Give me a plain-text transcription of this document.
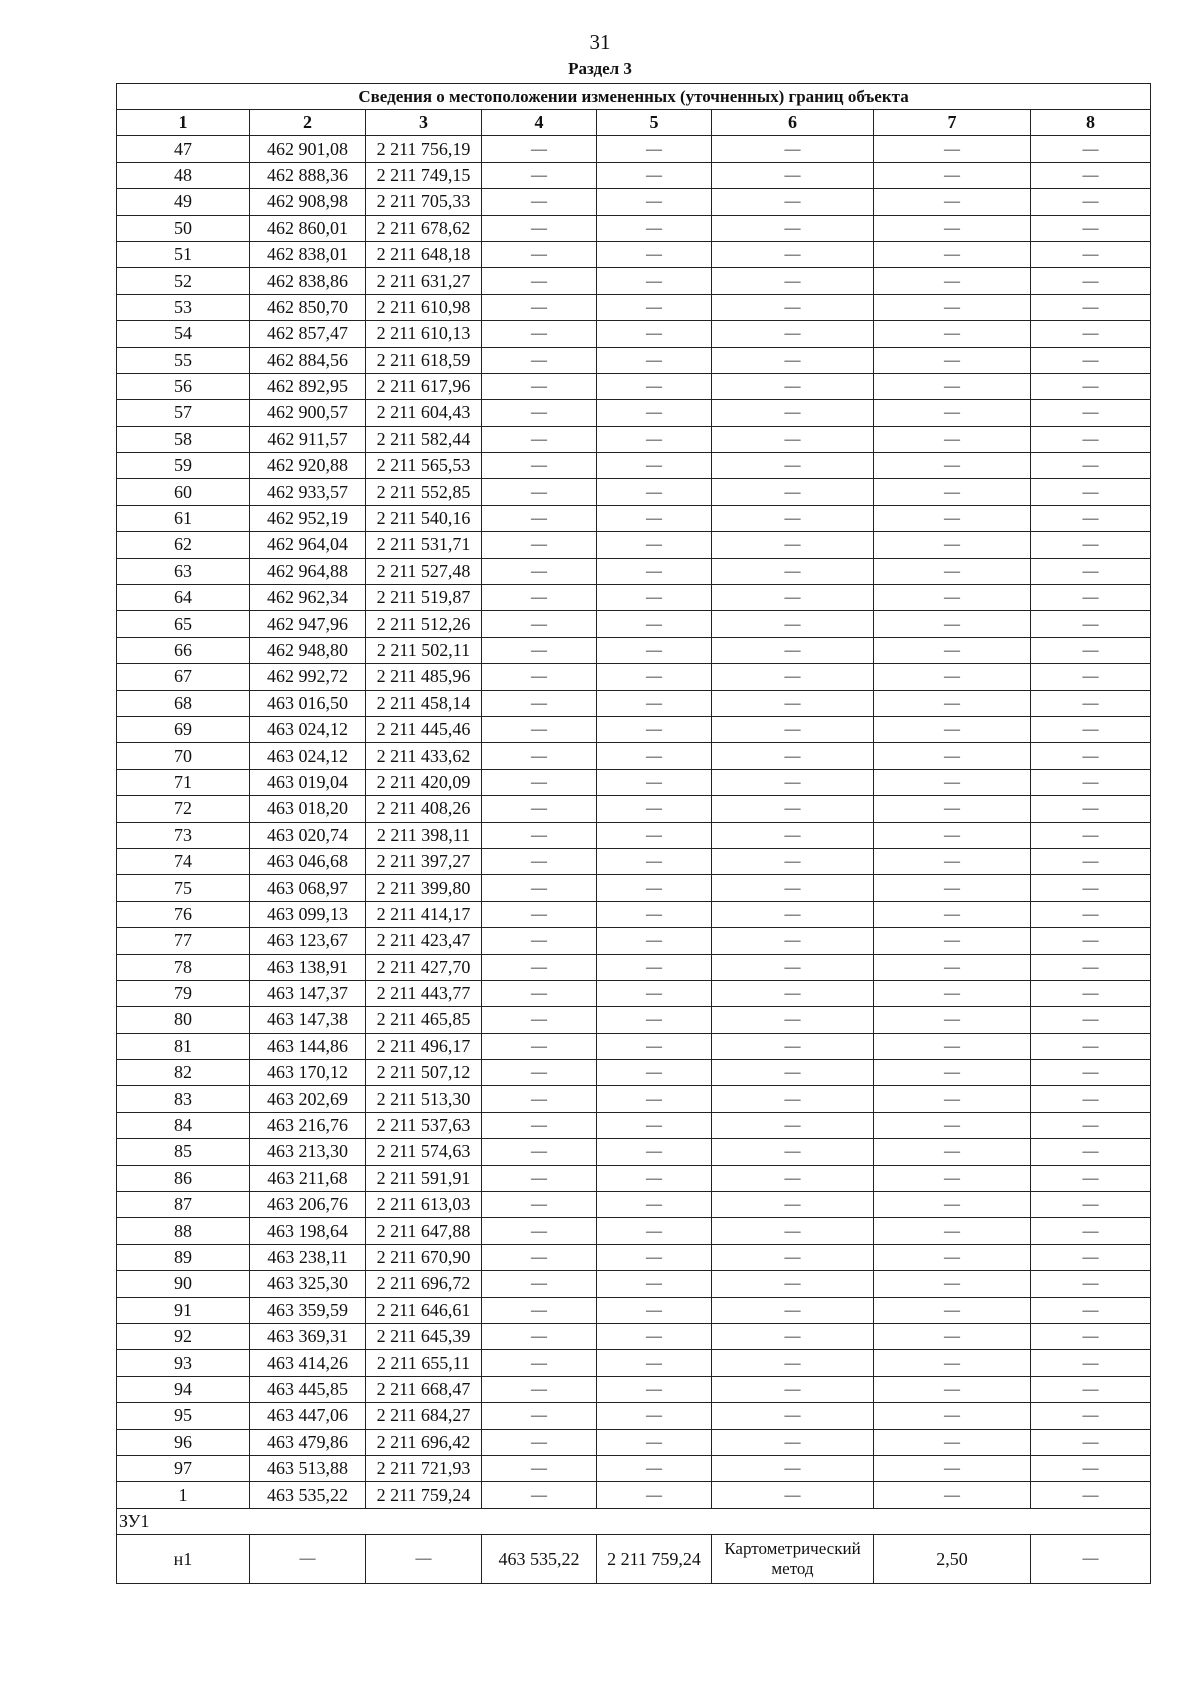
31
Раздел 3
Сведения о местоположении измененных (уточненных) границ объекта							
1	2	3	4	5	6	7	8
47	462 901,08	2 211 756,19	—	—	—	—	—
48	462 888,36	2 211 749,15	—	—	—	—	—
49	462 908,98	2 211 705,33	—	—	—	—	—
50	462 860,01	2 211 678,62	—	—	—	—	—
51	462 838,01	2 211 648,18	—	—	—	—	—
52	462 838,86	2 211 631,27	—	—	—	—	—
53	462 850,70	2 211 610,98	—	—	—	—	—
54	462 857,47	2 211 610,13	—	—	—	—	—
55	462 884,56	2 211 618,59	—	—	—	—	—
56	462 892,95	2 211 617,96	—	—	—	—	—
57	462 900,57	2 211 604,43	—	—	—	—	—
58	462 911,57	2 211 582,44	—	—	—	—	—
59	462 920,88	2 211 565,53	—	—	—	—	—
60	462 933,57	2 211 552,85	—	—	—	—	—
61	462 952,19	2 211 540,16	—	—	—	—	—
62	462 964,04	2 211 531,71	—	—	—	—	—
63	462 964,88	2 211 527,48	—	—	—	—	—
64	462 962,34	2 211 519,87	—	—	—	—	—
65	462 947,96	2 211 512,26	—	—	—	—	—
66	462 948,80	2 211 502,11	—	—	—	—	—
67	462 992,72	2 211 485,96	—	—	—	—	—
68	463 016,50	2 211 458,14	—	—	—	—	—
69	463 024,12	2 211 445,46	—	—	—	—	—
70	463 024,12	2 211 433,62	—	—	—	—	—
71	463 019,04	2 211 420,09	—	—	—	—	—
72	463 018,20	2 211 408,26	—	—	—	—	—
73	463 020,74	2 211 398,11	—	—	—	—	—
74	463 046,68	2 211 397,27	—	—	—	—	—
75	463 068,97	2 211 399,80	—	—	—	—	—
76	463 099,13	2 211 414,17	—	—	—	—	—
77	463 123,67	2 211 423,47	—	—	—	—	—
78	463 138,91	2 211 427,70	—	—	—	—	—
79	463 147,37	2 211 443,77	—	—	—	—	—
80	463 147,38	2 211 465,85	—	—	—	—	—
81	463 144,86	2 211 496,17	—	—	—	—	—
82	463 170,12	2 211 507,12	—	—	—	—	—
83	463 202,69	2 211 513,30	—	—	—	—	—
84	463 216,76	2 211 537,63	—	—	—	—	—
85	463 213,30	2 211 574,63	—	—	—	—	—
86	463 211,68	2 211 591,91	—	—	—	—	—
87	463 206,76	2 211 613,03	—	—	—	—	—
88	463 198,64	2 211 647,88	—	—	—	—	—
89	463 238,11	2 211 670,90	—	—	—	—	—
90	463 325,30	2 211 696,72	—	—	—	—	—
91	463 359,59	2 211 646,61	—	—	—	—	—
92	463 369,31	2 211 645,39	—	—	—	—	—
93	463 414,26	2 211 655,11	—	—	—	—	—
94	463 445,85	2 211 668,47	—	—	—	—	—
95	463 447,06	2 211 684,27	—	—	—	—	—
96	463 479,86	2 211 696,42	—	—	—	—	—
97	463 513,88	2 211 721,93	—	—	—	—	—
1	463 535,22	2 211 759,24	—	—	—	—	—
ЗУ1							
н1	—	—	463 535,22	2 211 759,24	Картометрический метод	2,50	—
